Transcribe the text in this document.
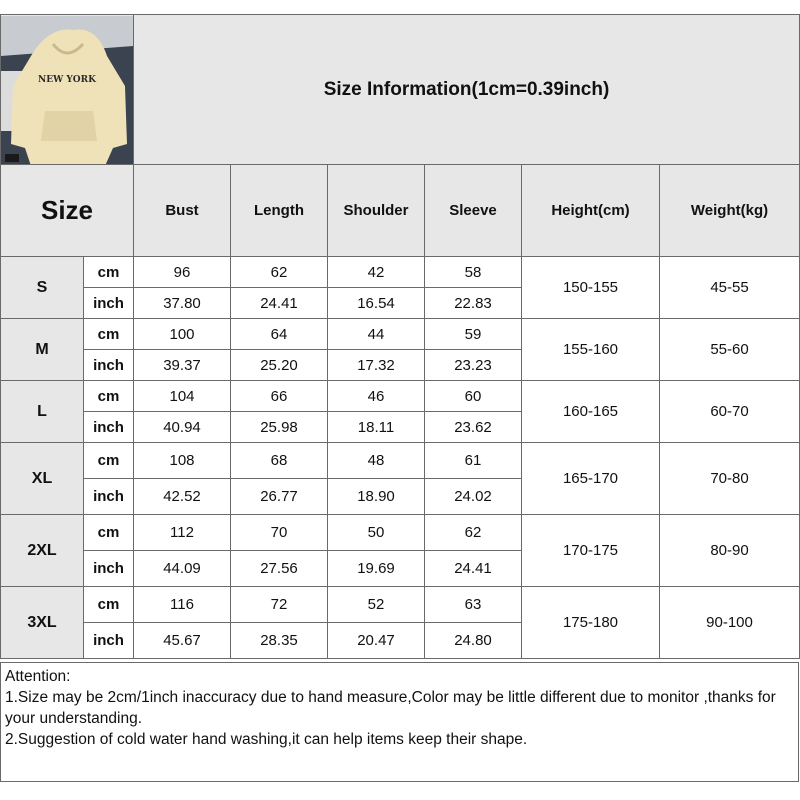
NEW YORK		Size Information(1cm=0.39inch)					
Size		Bust	Length	Shoulder	Sleeve	Height(cm)	Weight(kg)
S	cm	96	62	42	58	150-155	45-55
	inch	37.80	24.41	16.54	22.83		
M	cm	100	64	44	59	155-160	55-60
	inch	39.37	25.20	17.32	23.23		
L	cm	104	66	46	60	160-165	60-70
	inch	40.94	25.98	18.11	23.62		
XL	cm	108	68	48	61	165-170	70-80
	inch	42.52	26.77	18.90	24.02		
2XL	cm	112	70	50	62	170-175	80-90
	inch	44.09	27.56	19.69	24.41		
3XL	cm	116	72	52	63	175-180	90-100
	inch	45.67	28.35	20.47	24.80		
Attention:
1.Size may be 2cm/1inch inaccuracy due to hand measure,Color may be little different due to monitor ,thanks for your understanding.
2.Suggestion of cold water hand washing,it can help items keep their shape.
